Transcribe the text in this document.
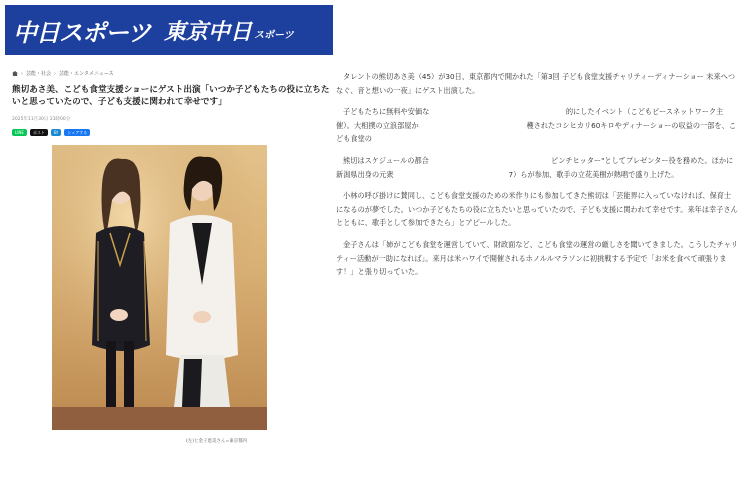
中日スポーツ 東京中日 スポーツ
› 芸能・社会 › 芸能・エンタメニュース
熊切あさ美、こども食堂支援ショーにゲスト出演「いつか子どもたちの役に立ちたいと思っていたので、子ども支援に関われて幸せです」
2025年11月30日 21時00分
LINE	ポスト	B!	シェアする
(左)と金子恵美さん=東京都内

タレントの熊切あさ美（45）が30日、東京都内で開かれた「第3回 子ども食堂支援チャリティーディナーショー 未来へつなぐ、音と想いの一夜」にゲスト出演した。

子どもたちに無料や安価な　　　　　　　　　　　　　　　　　　　的にしたイベント（こどもピースネットワーク主催）。大相撲の立浪部屋か　　　　　　　　　　　　　　　穫されたコシヒカリ60キロやディナーショーの収益の一部を、こども食堂の

熊切はスケジュールの都合　　　　　　　　　　　　　　　　　ピンチヒッター"としてプレゼンター役を務めた。ほかに新潟県出身の元衆　　　　　　　　　　　　　　　　7）らが参加、歌手の立花美樹が熱唱で盛り上げた。

小林の呼び掛けに賛同し、こども食堂支援のための米作りにも参加してきた熊切は「芸能界に入っていなければ、保育士になるのが夢でした。いつか子どもたちの役に立ちたいと思っていたので、子ども支援に関われて幸せです。来年は幸子さんとともに、歌手として参加できたら」とアピールした。

金子さんは「姉がこども食堂を運営していて、財政面など、こども食堂の運営の厳しさを聞いてきました。こうしたチャリティー活動が一助になれば」。来月は米ハワイで開催されるホノルルマラソンに初挑戦する予定で「お米を食べて頑張ります！」と張り切っていた。
